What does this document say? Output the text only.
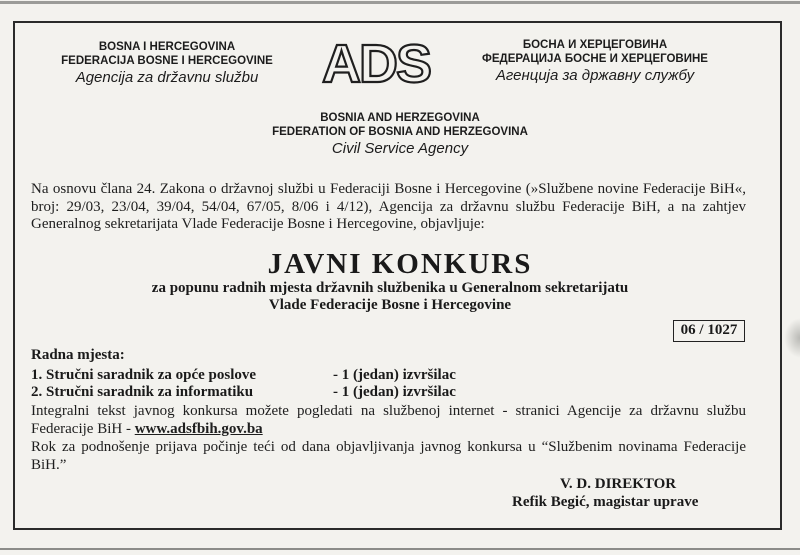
BOSNA I HERCEGOVINA
FEDERACIJA BOSNE I HERCEGOVINE
Agencija za državnu službu	ADS	БОСНА И ХЕРЦЕГОВИНА
ФЕДЕРАЦИЈА БОСНЕ И ХЕРЦЕГОВИНЕ
Агенција за државну службу
BOSNIA AND HERZEGOVINA
FEDERATION OF BOSNIA AND HERZEGOVINA
Civil Service Agency
Na osnovu člana 24. Zakona o državnoj službi u Federaciji Bosne i Hercegovine (»Službene novine Federacije BiH«, broj: 29/03, 23/04, 39/04, 54/04, 67/05, 8/06 i 4/12), Agencija za državnu službu Federacije BiH, a na zahtjev Generalnog sekretarijata Vlade Federacije Bosne i Hercegovine, objavljuje:
JAVNI KONKURS
za popunu radnih mjesta državnih službenika u Generalnom sekretarijatu
Vlade Federacije Bosne i Hercegovine
06 / 1027
Radna mjesta:
1. Stručni saradnik za opće poslove	- 1 (jedan) izvršilac
2. Stručni saradnik za informatiku	- 1 (jedan) izvršilac
Integralni tekst javnog konkursa možete pogledati na službenoj internet - stranici Agencije za državnu službu Federacije BiH - www.adsfbih.gov.ba
Rok za podnošenje prijava počinje teći od dana objavljivanja javnog konkursa u “Službenim novinama Federacije BiH.”
V. D. DIREKTOR
Refik Begić, magistar uprave
